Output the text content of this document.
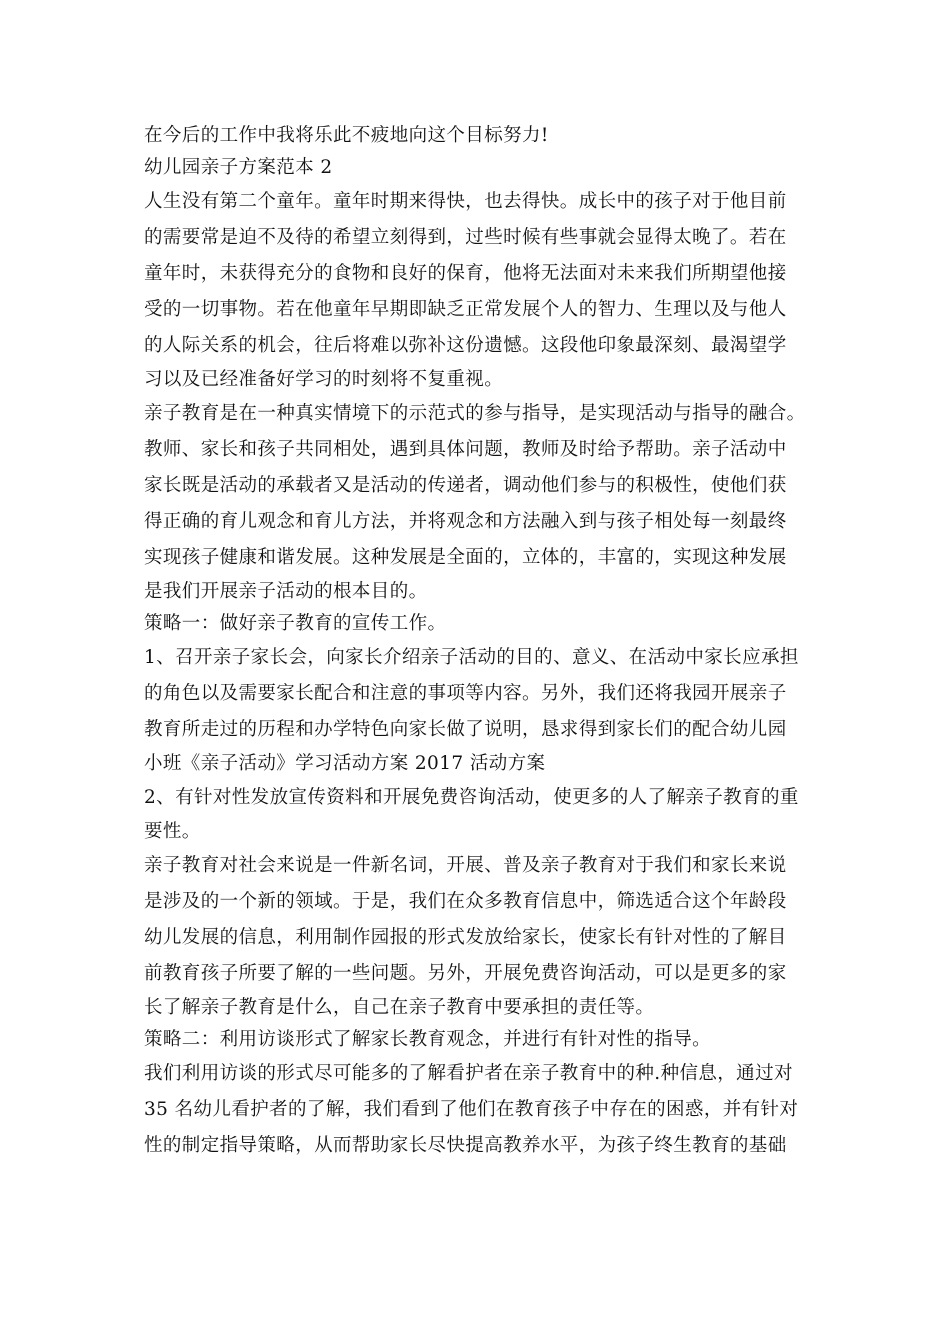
在今后的工作中我将乐此不疲地向这个目标努力!
幼儿园亲子方案范本 2
人生没有第二个童年。童年时期来得快，也去得快。成长中的孩子对于他目前
的需要常是迫不及待的希望立刻得到，过些时候有些事就会显得太晚了。若在
童年时，未获得充分的食物和良好的保育，他将无法面对未来我们所期望他接
受的一切事物。若在他童年早期即缺乏正常发展个人的智力、生理以及与他人
的人际关系的机会，往后将难以弥补这份遗憾。这段他印象最深刻、最渴望学
习以及已经准备好学习的时刻将不复重视。
亲子教育是在一种真实情境下的示范式的参与指导，是实现活动与指导的融合。
教师、家长和孩子共同相处，遇到具体问题，教师及时给予帮助。亲子活动中
家长既是活动的承载者又是活动的传递者，调动他们参与的积极性，使他们获
得正确的育儿观念和育儿方法，并将观念和方法融入到与孩子相处每一刻最终
实现孩子健康和谐发展。这种发展是全面的，立体的，丰富的，实现这种发展
是我们开展亲子活动的根本目的。
策略一：做好亲子教育的宣传工作。
1、召开亲子家长会，向家长介绍亲子活动的目的、意义、在活动中家长应承担
的角色以及需要家长配合和注意的事项等内容。另外，我们还将我园开展亲子
教育所走过的历程和办学特色向家长做了说明，恳求得到家长们的配合幼儿园
小班《亲子活动》学习活动方案 2017 活动方案
2、有针对性发放宣传资料和开展免费咨询活动，使更多的人了解亲子教育的重
要性。
亲子教育对社会来说是一件新名词，开展、普及亲子教育对于我们和家长来说
是涉及的一个新的领域。于是，我们在众多教育信息中，筛选适合这个年龄段
幼儿发展的信息，利用制作园报的形式发放给家长，使家长有针对性的了解目
前教育孩子所要了解的一些问题。另外，开展免费咨询活动，可以是更多的家
长了解亲子教育是什么，自己在亲子教育中要承担的责任等。
策略二：利用访谈形式了解家长教育观念，并进行有针对性的指导。
我们利用访谈的形式尽可能多的了解看护者在亲子教育中的种.种信息，通过对
35 名幼儿看护者的了解，我们看到了他们在教育孩子中存在的困惑，并有针对
性的制定指导策略，从而帮助家长尽快提高教养水平，为孩子终生教育的基础
